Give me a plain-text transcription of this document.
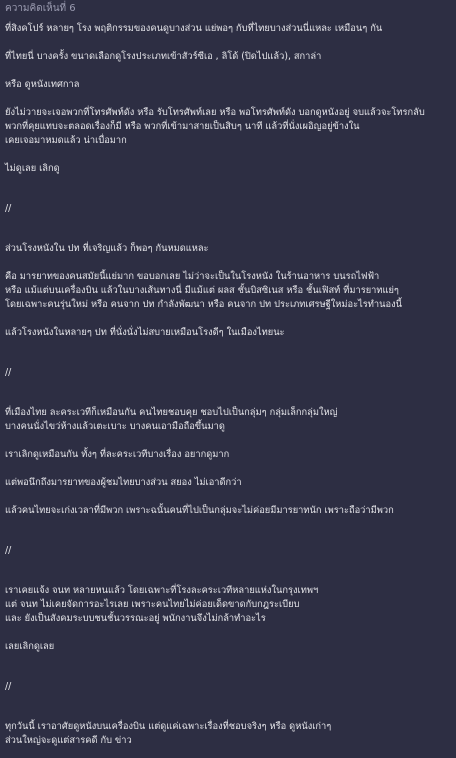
ความคิดเห็นที่ 6
ที่สิงคโปร์ หลายๆ โรง พฤติกรรมของคนดูบางส่วน แย่พอๆ กับที่ไทยบางส่วนนี่แหละ เหมือนๆ กัน
ที่ไทยนี่ บางครั้ง ขนาดเลือกดูโรงประเภทเข้าสัวร์ซีเอ , ลิโด้ (ปิดไปแล้ว), สกาล่า
หรือ ดูหนังเทศกาล
ยังไม่วายจะเจอพวกที่โทรศัพท์ดัง หรือ รับโทรศัพท์เลย หรือ พอโทรศัพท์ดัง บอกดูหนังอยู่ จบแล้วจะโทรกลับ
พวกที่คุยแทบจะตลอดเรื่องก็มี หรือ พวกที่เข้ามาสายเป็นสิบๆ นาที แล้วที่นั่งเผอิญอยู่ข้างใน
เคยเจอมาหมดแล้ว น่าเบื่อมาก
ไม่ดูเลย เลิกดู
//
ส่วนโรงหนังใน ปท ที่เจริญแล้ว ก็พอๆ กันหมดแหละ
คือ มารยาทของคนสมัยนี้แย่มาก ขอบอกเลย ไม่ว่าจะเป็นในโรงหนัง ในร้านอาหาร บนรถไฟฟ้า
หรือ แม้แต่บนเครื่องบิน แล้วในบางเส้นทางนี่ มีแม้แต่ ผลส ชั้นบิสซิเนส หรือ ชั้นเฟิสท์ ที่มารยาทแย่ๆ
โดยเฉพาะคนรุ่นใหม่ หรือ คนจาก ปท กำลังพัฒนา หรือ คนจาก ปท ประเภทเศรษฐีใหม่อะไรทำนองนี้
แล้วโรงหนังในหลายๆ ปท ที่นั่งนั่งไม่สบายเหมือนโรงดีๆ ในเมืองไทยนะ
//
ที่เมืองไทย ละคระเวทีก็เหมือนกัน คนไทยชอบคุย ชอบไปเป็นกลุ่มๆ กลุ่มเล็กกลุ่มใหญ่
บางคนนั่งไขว่ห้างแล้วเตะเบาะ บางคนเอามือถือขึ้นมาดู
เราเลิกดูเหมือนกัน ทั้งๆ ที่ละคระเวทีบางเรื่อง อยากดูมาก
แต่พอนึกถึงมารยาทของผู้ชมไทยบางส่วน สยอง ไม่เอาดีกว่า
แล้วคนไทยจะเก่งเวลาที่มีพวก เพราะฉนั้นคนที่ไปเป็นกลุ่มจะไม่ค่อยมีมารยาทนัก เพราะถือว่ามีพวก
//
เราเคยแจ้ง จนท หลายหนแล้ว โดยเฉพาะที่โรงละคระเวทีหลายแห่งในกรุงเทพฯ
แต่ จนท ไม่เคยจัดการอะไรเลย เพราะคนไทยไม่ค่อยเด็ดขาดกับกฎระเบียบ
และ ยังเป็นสังคมระบบชนชั้นวรรณะอยู่ พนักงานจึงไม่กล้าทำอะไร
เลยเลิกดูเลย
//
ทุกวันนี้ เราอาศัยดูหนังบนเครื่องบิน แต่ดูแค่เฉพาะเรื่องที่ชอบจริงๆ หรือ ดูหนังเก่าๆ
ส่วนใหญ่จะดูแต่สารคดี กับ ข่าว
